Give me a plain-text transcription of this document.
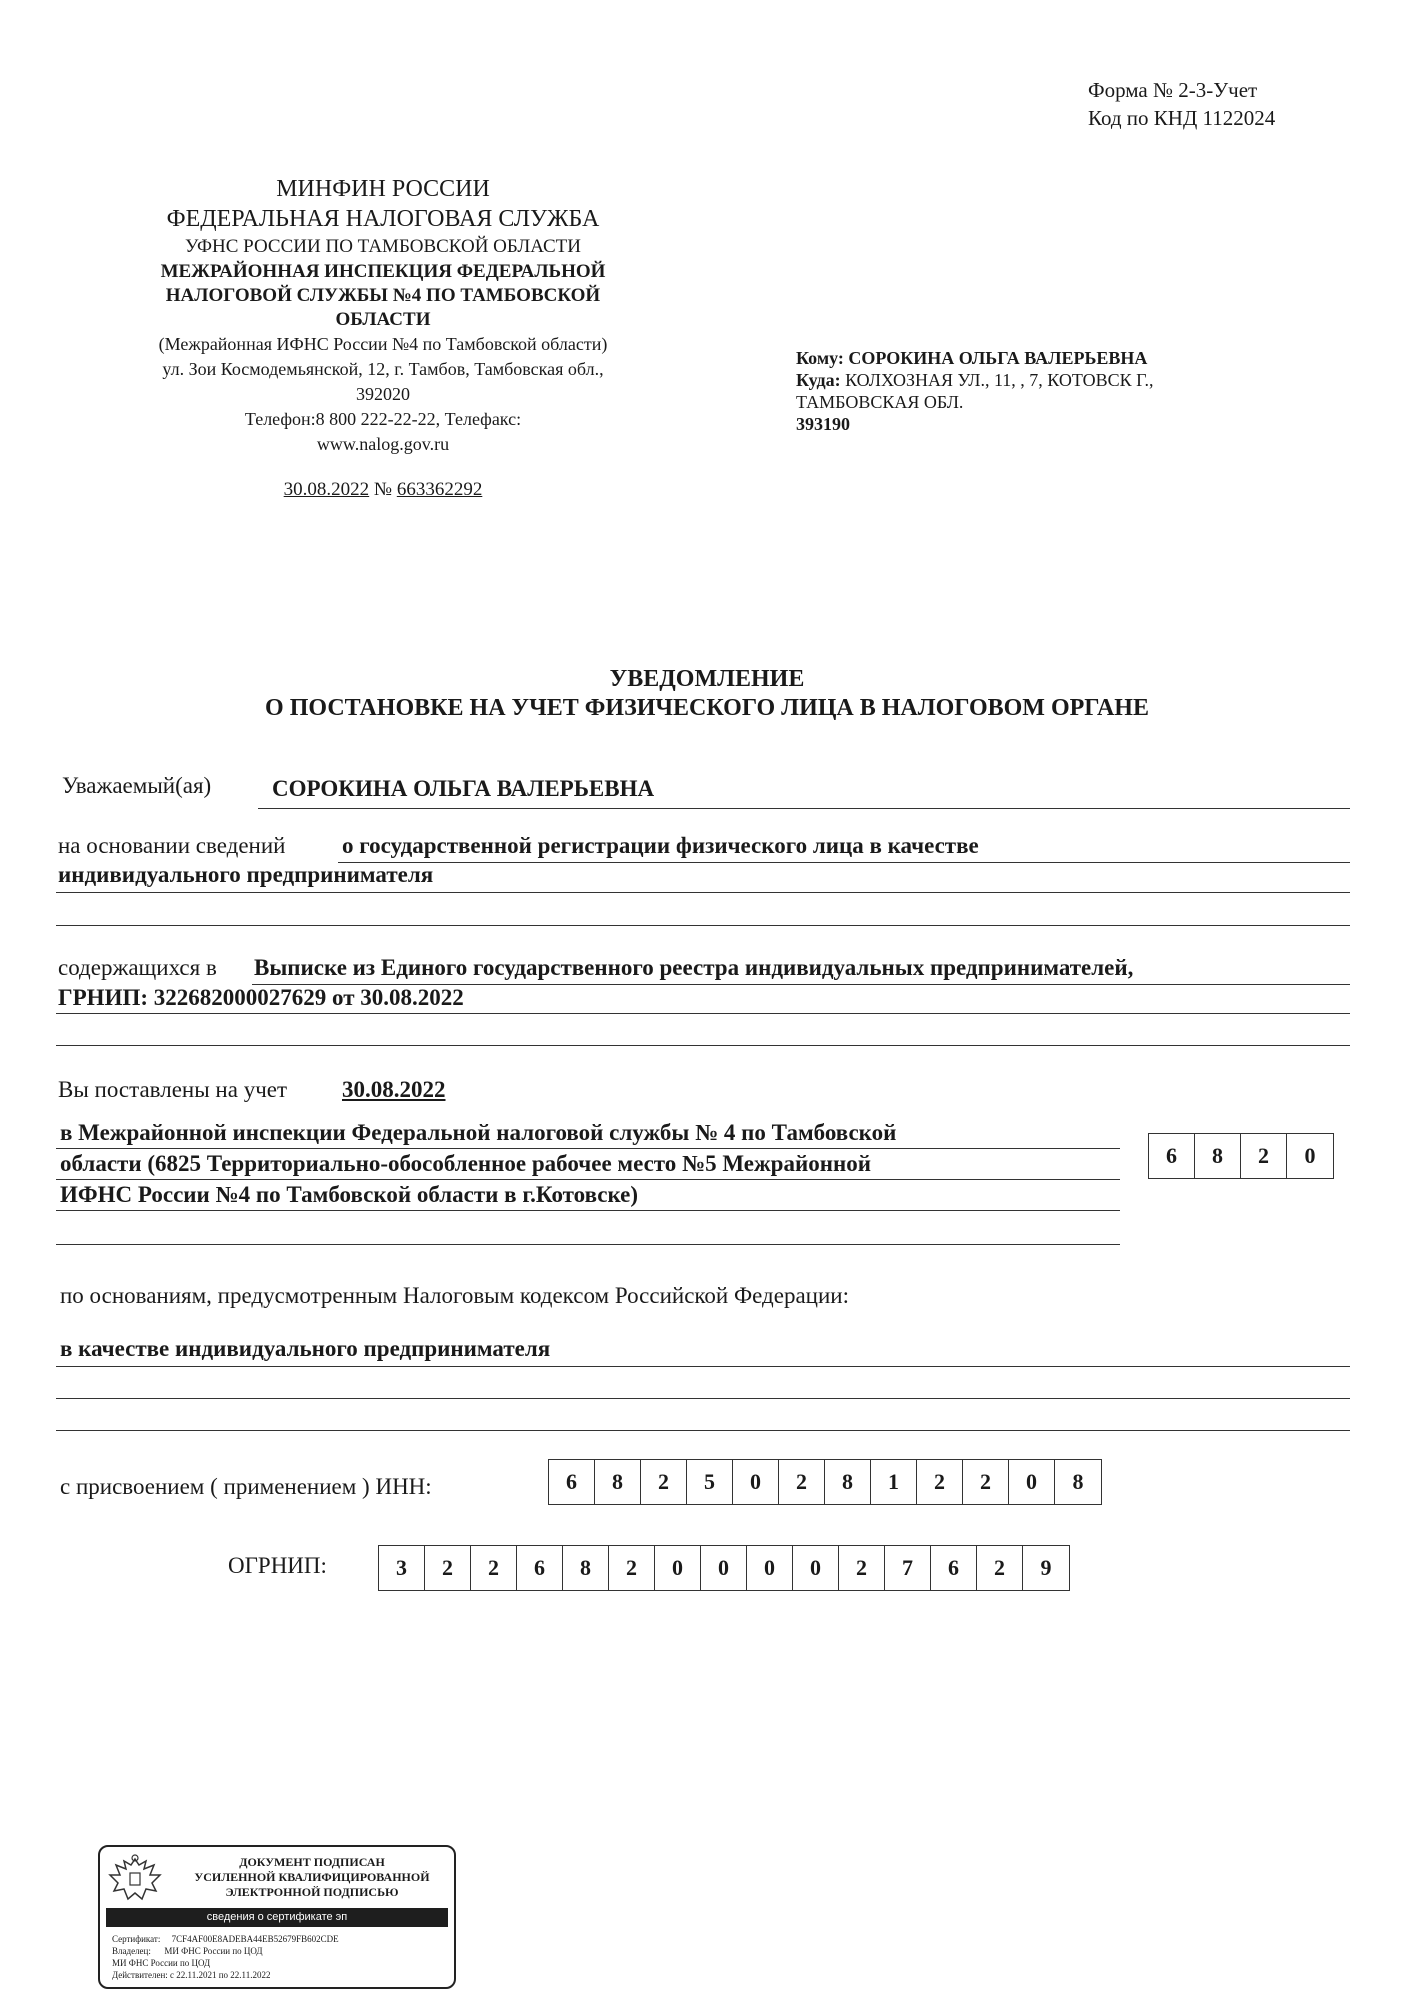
Форма № 2-3-Учет
Код по КНД 1122024
МИНФИН РОССИИ
ФЕДЕРАЛЬНАЯ НАЛОГОВАЯ СЛУЖБА
УФНС РОССИИ ПО ТАМБОВСКОЙ ОБЛАСТИ
МЕЖРАЙОННАЯ ИНСПЕКЦИЯ ФЕДЕРАЛЬНОЙ
НАЛОГОВОЙ СЛУЖБЫ №4 ПО ТАМБОВСКОЙ
ОБЛАСТИ
(Межрайонная ИФНС России №4 по Тамбовской области)
ул. Зои Космодемьянской, 12, г. Тамбов, Тамбовская обл.,
392020
Телефон:8 800 222-22-22, Телефакс:
www.nalog.gov.ru
30.08.2022 № 663362292
Кому: СОРОКИНА ОЛЬГА ВАЛЕРЬЕВНА
Куда: КОЛХОЗНАЯ УЛ., 11, , 7, КОТОВСК Г.,
ТАМБОВСКАЯ ОБЛ.
393190
УВЕДОМЛЕНИЕ
О ПОСТАНОВКЕ НА УЧЕТ ФИЗИЧЕСКОГО ЛИЦА В НАЛОГОВОМ ОРГАНЕ
Уважаемый(ая)	СОРОКИНА ОЛЬГА ВАЛЕРЬЕВНА
на основании сведений о государственной регистрации физического лица в качестве
индивидуального предпринимателя
содержащихся в Выписке из Единого государственного реестра индивидуальных предпринимателей,
ГРНИП: 322682000027629 от 30.08.2022
Вы поставлены на учет 30.08.2022
в Межрайонной инспекции Федеральной налоговой службы № 4 по Тамбовской
области (6825 Территориально-обособленное рабочее место №5 Межрайонной
ИФНС России №4 по Тамбовской области в г.Котовске)
6	8	2	0
по основаниям, предусмотренным Налоговым кодексом Российской Федерации:
в качестве индивидуального предпринимателя
с присвоением ( применением ) ИНН:	6	8	2	5	0	2	8	1	2	2	0	8
ОГРНИП:	3	2	2	6	8	2	0	0	0	0	2	7	6	2	9
ДОКУМЕНТ ПОДПИСАН
УСИЛЕННОЙ КВАЛИФИЦИРОВАННОЙ
ЭЛЕКТРОННОЙ ПОДПИСЬЮ
сведения о сертификате эп
Сертификат: 7CF4AF00E8ADEBA44EB52679FB602CDE
Владелец: МИ ФНС России по ЦОД
МИ ФНС России по ЦОД
Действителен: с 22.11.2021 по 22.11.2022
